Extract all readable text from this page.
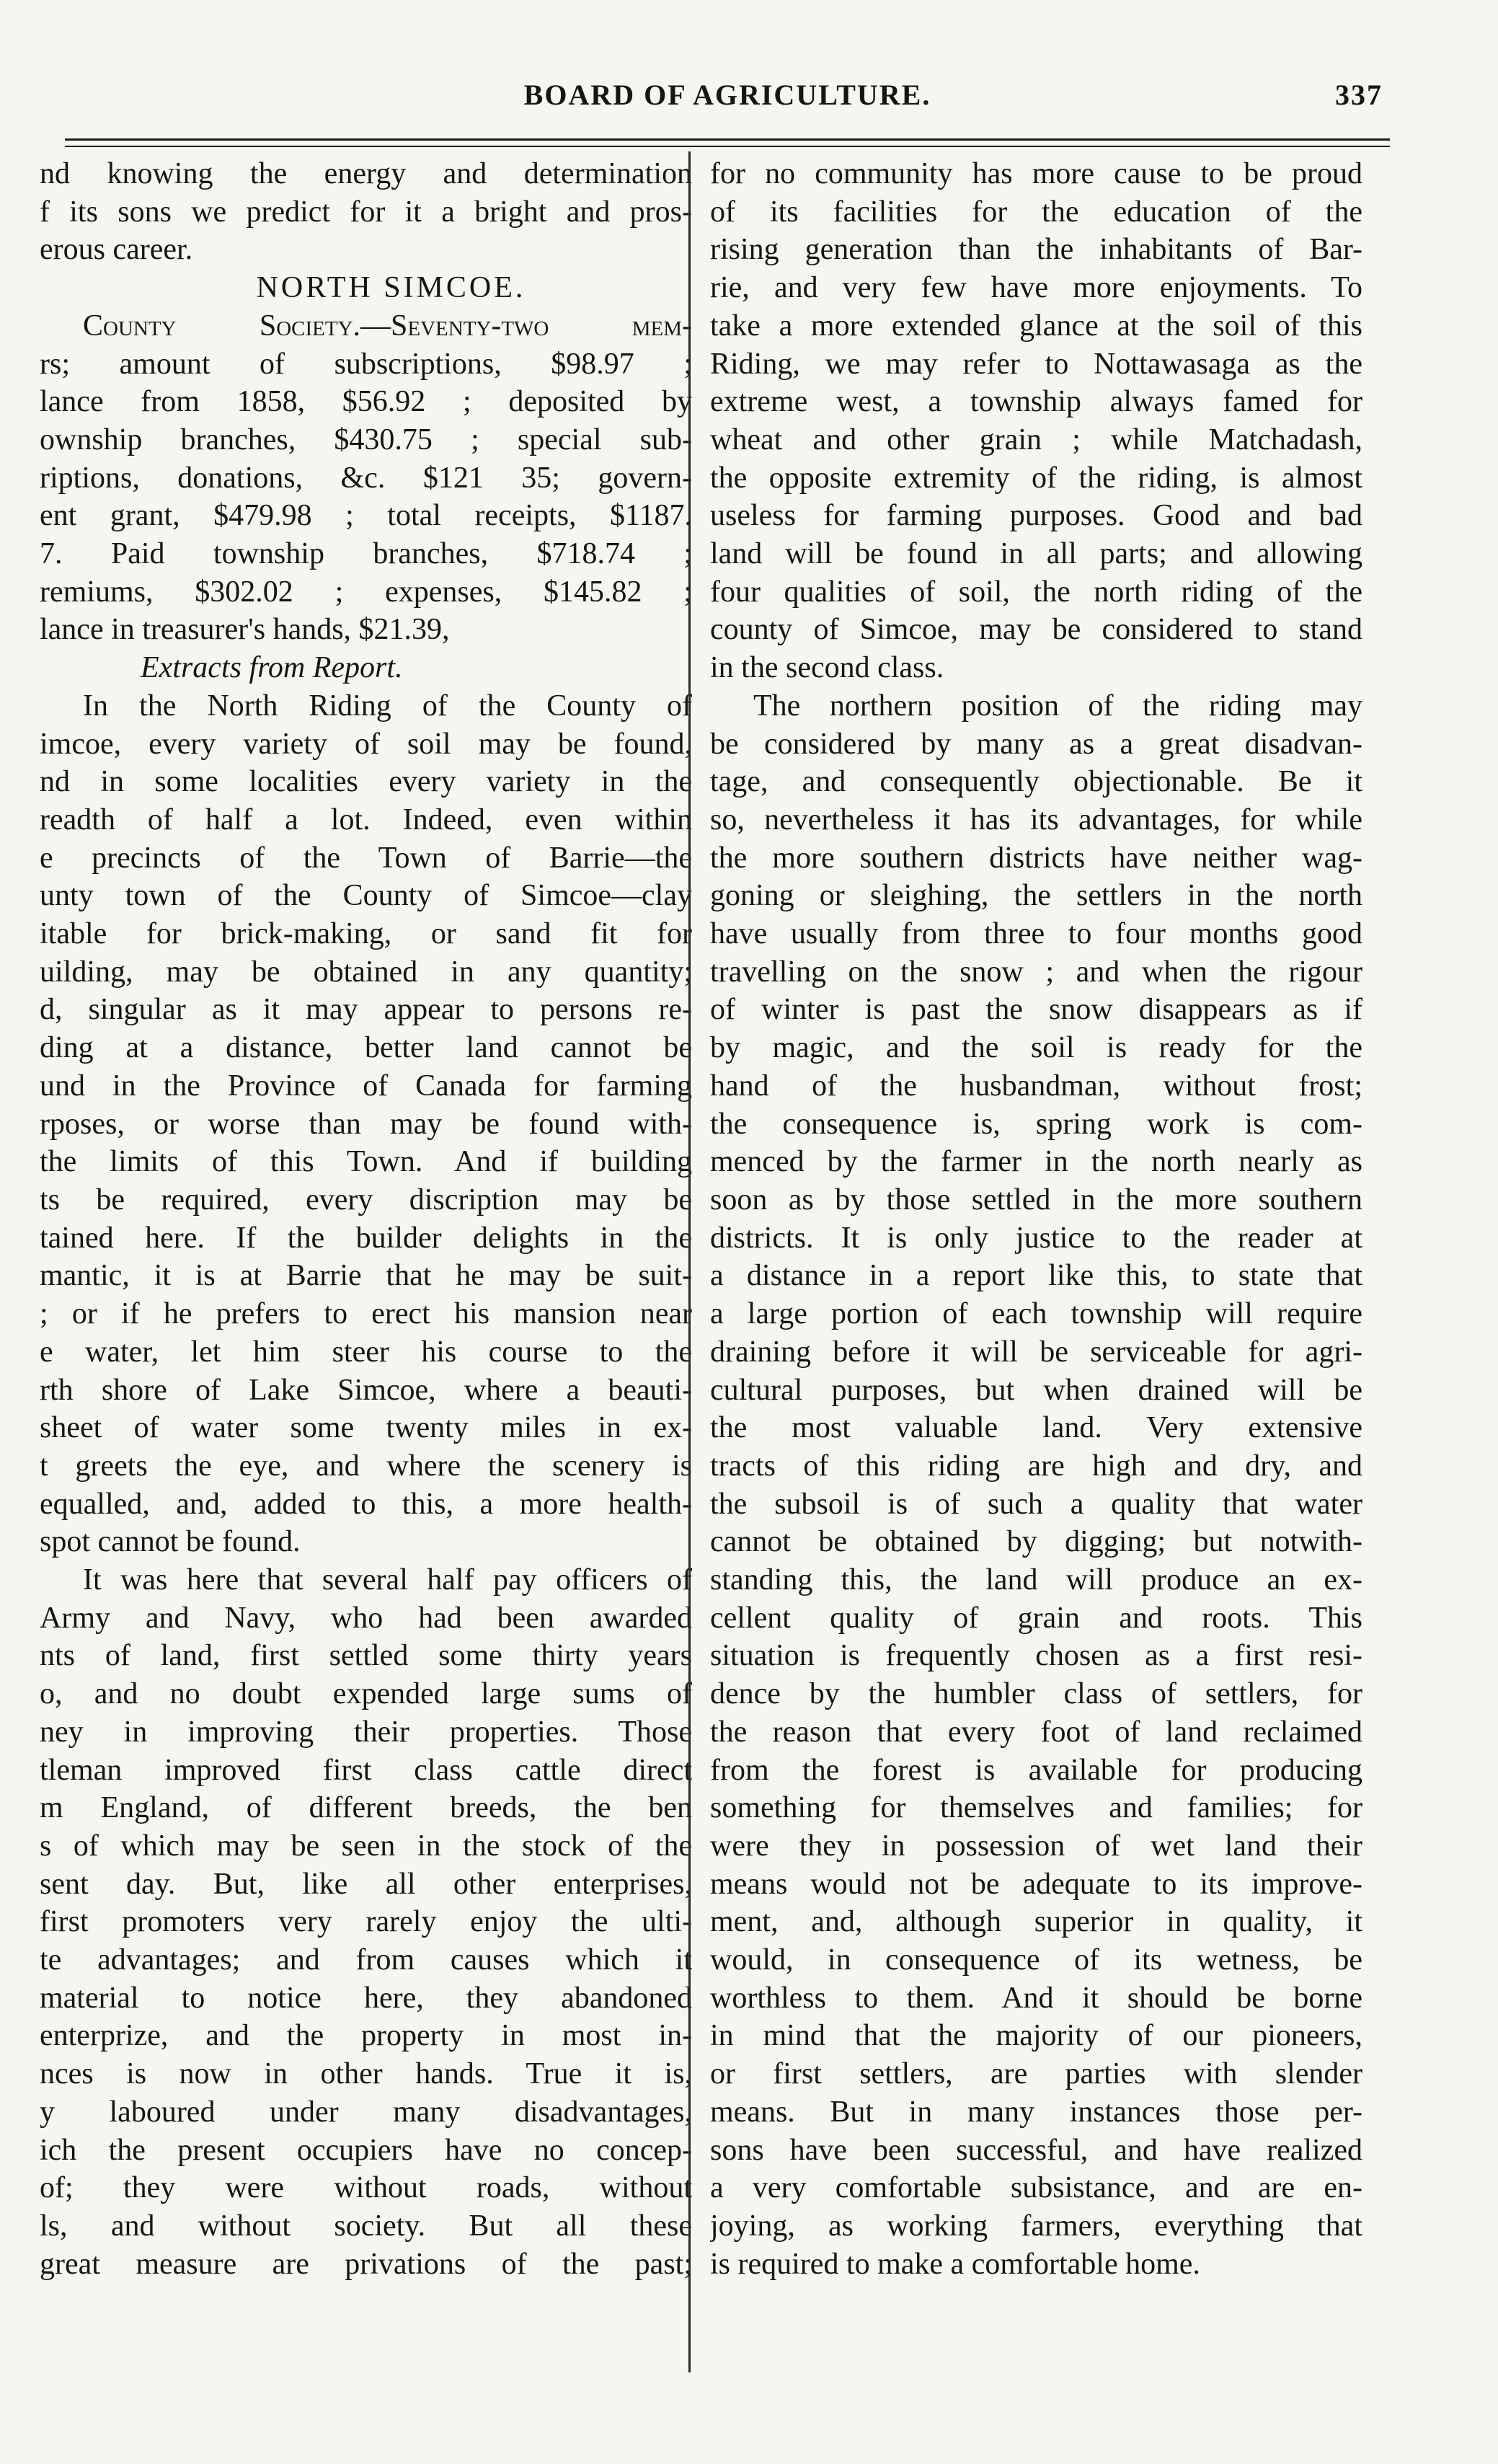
BOARD OF AGRICULTURE.	337
nd knowing the energy and determination
f its sons we predict for it a bright and pros-
erous career.
NORTH SIMCOE.
County Society.—Seventy-two mem-
rs; amount of subscriptions, $98.97 ;
lance from 1858, $56.92 ; deposited by
ownship branches, $430.75 ; special sub-
riptions, donations, &c. $121 35; govern-
ent grant, $479.98 ; total receipts, $1187.
7. Paid township branches, $718.74 ;
remiums, $302.02 ; expenses, $145.82 ;
lance in treasurer's hands, $21.39,
Extracts from Report.
In the North Riding of the County of
imcoe, every variety of soil may be found,
nd in some localities every variety in the
readth of half a lot. Indeed, even within
e precincts of the Town of Barrie—the
unty town of the County of Simcoe—clay
itable for brick-making, or sand fit for
uilding, may be obtained in any quantity;
d, singular as it may appear to persons re-
ding at a distance, better land cannot be
und in the Province of Canada for farming
rposes, or worse than may be found with-
the limits of this Town. And if building
ts be required, every discription may be
tained here. If the builder delights in the
mantic, it is at Barrie that he may be suit-
; or if he prefers to erect his mansion near
e water, let him steer his course to the
rth shore of Lake Simcoe, where a beauti-
sheet of water some twenty miles in ex-
t greets the eye, and where the scenery is
equalled, and, added to this, a more health-
spot cannot be found.
It was here that several half pay officers of
Army and Navy, who had been awarded
nts of land, first settled some thirty years
o, and no doubt expended large sums of
ney in improving their properties. Those
tleman improved first class cattle direct
m England, of different breeds, the ben
s of which may be seen in the stock of the
sent day. But, like all other enterprises,
first promoters very rarely enjoy the ulti-
te advantages; and from causes which it
material to notice here, they abandoned
enterprize, and the property in most in-
nces is now in other hands. True it is,
y laboured under many disadvantages,
ich the present occupiers have no concep-
of; they were without roads, without
ls, and without society. But all these
great measure are privations of the past;
for no community has more cause to be proud
of its facilities for the education of the
rising generation than the inhabitants of Bar-
rie, and very few have more enjoyments. To
take a more extended glance at the soil of this
Riding, we may refer to Nottawasaga as the
extreme west, a township always famed for
wheat and other grain ; while Matchadash,
the opposite extremity of the riding, is almost
useless for farming purposes. Good and bad
land will be found in all parts; and allowing
four qualities of soil, the north riding of the
county of Simcoe, may be considered to stand
in the second class.
The northern position of the riding may
be considered by many as a great disadvan-
tage, and consequently objectionable. Be it
so, nevertheless it has its advantages, for while
the more southern districts have neither wag-
goning or sleighing, the settlers in the north
have usually from three to four months good
travelling on the snow ; and when the rigour
of winter is past the snow disappears as if
by magic, and the soil is ready for the
hand of the husbandman, without frost;
the consequence is, spring work is com-
menced by the farmer in the north nearly as
soon as by those settled in the more southern
districts. It is only justice to the reader at
a distance in a report like this, to state that
a large portion of each township will require
draining before it will be serviceable for agri-
cultural purposes, but when drained will be
the most valuable land. Very extensive
tracts of this riding are high and dry, and
the subsoil is of such a quality that water
cannot be obtained by digging; but notwith-
standing this, the land will produce an ex-
cellent quality of grain and roots. This
situation is frequently chosen as a first resi-
dence by the humbler class of settlers, for
the reason that every foot of land reclaimed
from the forest is available for producing
something for themselves and families; for
were they in possession of wet land their
means would not be adequate to its improve-
ment, and, although superior in quality, it
would, in consequence of its wetness, be
worthless to them. And it should be borne
in mind that the majority of our pioneers,
or first settlers, are parties with slender
means. But in many instances those per-
sons have been successful, and have realized
a very comfortable subsistance, and are en-
joying, as working farmers, everything that
is required to make a comfortable home.
